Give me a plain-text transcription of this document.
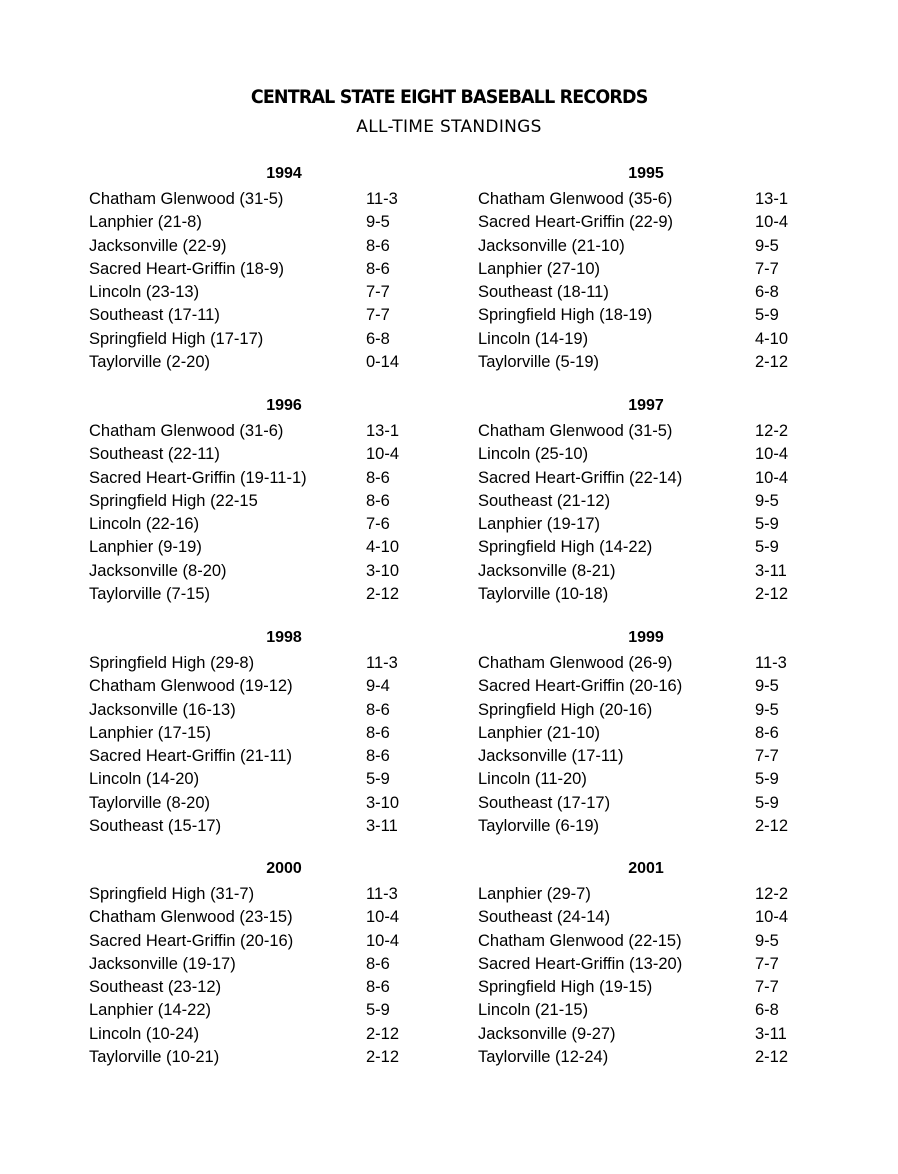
CENTRAL STATE EIGHT BASEBALL RECORDS
ALL-TIME STANDINGS
1994
Chatham Glenwood (31-5)	11-3
Lanphier (21-8)	9-5
Jacksonville (22-9)	8-6
Sacred Heart-Griffin (18-9)	8-6
Lincoln (23-13)	7-7
Southeast (17-11)	7-7
Springfield High (17-17)	6-8
Taylorville (2-20)	0-14
1995
Chatham Glenwood (35-6)	13-1
Sacred Heart-Griffin (22-9)	10-4
Jacksonville (21-10)	9-5
Lanphier (27-10)	7-7
Southeast (18-11)	6-8
Springfield High (18-19)	5-9
Lincoln (14-19)	4-10
Taylorville (5-19)	2-12
1996
Chatham Glenwood (31-6)	13-1
Southeast (22-11)	10-4
Sacred Heart-Griffin (19-11-1)	8-6
Springfield High (22-15	8-6
Lincoln (22-16)	7-6
Lanphier (9-19)	4-10
Jacksonville (8-20)	3-10
Taylorville (7-15)	2-12
1997
Chatham Glenwood (31-5)	12-2
Lincoln (25-10)	10-4
Sacred Heart-Griffin (22-14)	10-4
Southeast (21-12)	9-5
Lanphier (19-17)	5-9
Springfield High (14-22)	5-9
Jacksonville (8-21)	3-11
Taylorville (10-18)	2-12
1998
Springfield High (29-8)	11-3
Chatham Glenwood (19-12)	9-4
Jacksonville (16-13)	8-6
Lanphier (17-15)	8-6
Sacred Heart-Griffin (21-11)	8-6
Lincoln (14-20)	5-9
Taylorville (8-20)	3-10
Southeast (15-17)	3-11
1999
Chatham Glenwood (26-9)	11-3
Sacred Heart-Griffin (20-16)	9-5
Springfield High (20-16)	9-5
Lanphier (21-10)	8-6
Jacksonville (17-11)	7-7
Lincoln (11-20)	5-9
Southeast (17-17)	5-9
Taylorville (6-19)	2-12
2000
Springfield High (31-7)	11-3
Chatham Glenwood (23-15)	10-4
Sacred Heart-Griffin (20-16)	10-4
Jacksonville (19-17)	8-6
Southeast (23-12)	8-6
Lanphier (14-22)	5-9
Lincoln (10-24)	2-12
Taylorville (10-21)	2-12
2001
Lanphier (29-7)	12-2
Southeast (24-14)	10-4
Chatham Glenwood (22-15)	9-5
Sacred Heart-Griffin (13-20)	7-7
Springfield High (19-15)	7-7
Lincoln (21-15)	6-8
Jacksonville (9-27)	3-11
Taylorville (12-24)	2-12
